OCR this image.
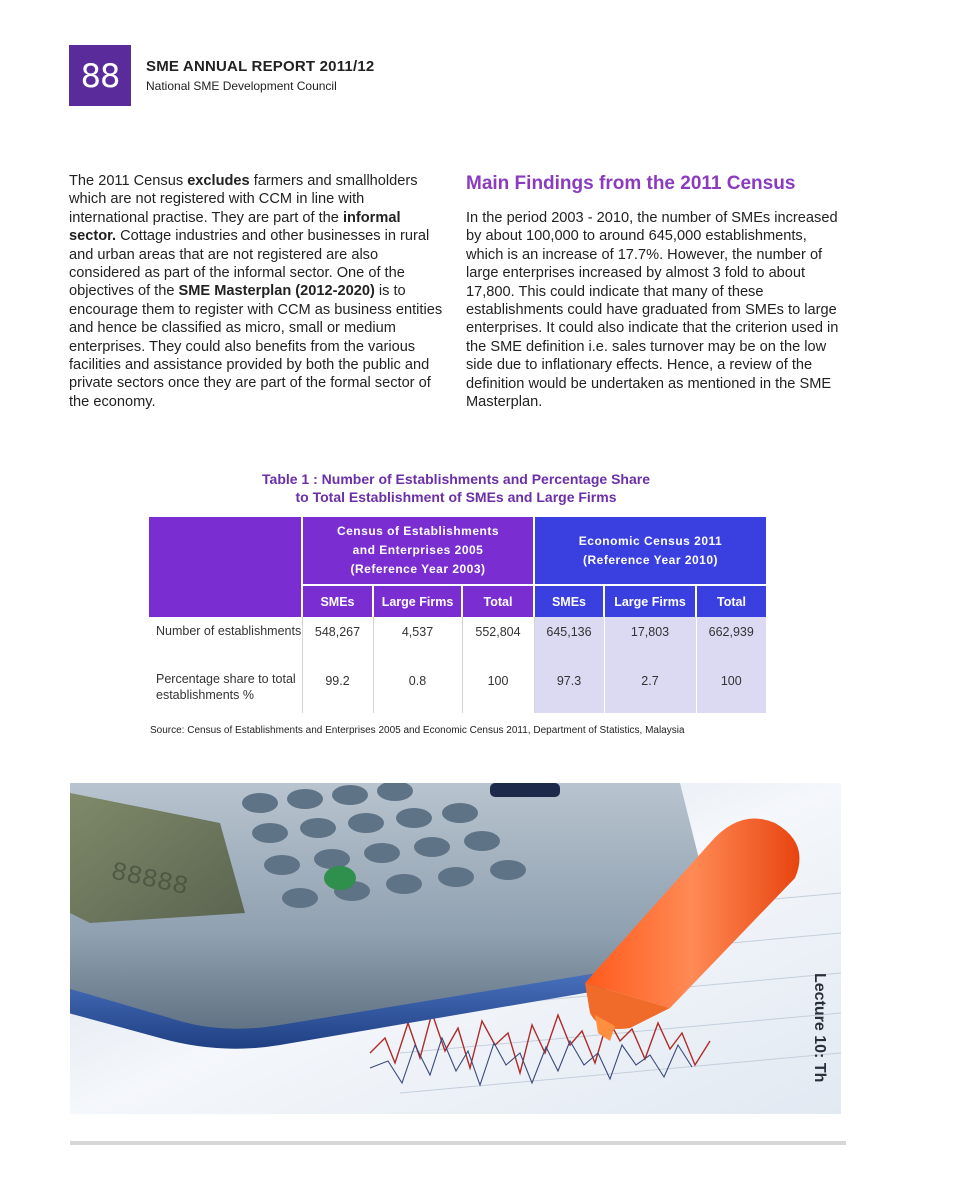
88	SME ANNUAL REPORT 2011/12
National SME Development Council

The 2011 Census excludes farmers and smallholders which are not registered with CCM in line with international practise. They are part of the informal sector. Cottage industries and other businesses in rural and urban areas that are not registered are also considered as part of the informal sector. One of the objectives of the SME Masterplan (2012-2020) is to encourage them to register with CCM as business entities and hence be classified as micro, small or medium enterprises. They could also benefits from the various facilities and assistance provided by both the public and private sectors once they are part of the formal sector of the economy.

Main Findings from the 2011 Census

In the period 2003 - 2010, the number of SMEs increased by about 100,000 to around 645,000 establishments, which is an increase of 17.7%. However, the number of large enterprises increased by almost 3 fold to about 17,800. This could indicate that many of these establishments could have graduated from SMEs to large enterprises. It could also indicate that the criterion used in the SME definition i.e. sales turnover may be on the low side due to inflationary effects. Hence, a review of the definition would be undertaken as mentioned in the SME Masterplan.

Table 1 : Number of Establishments and Percentage Share
to Total Establishment of SMEs and Large Firms

	Census of Establishments
and Enterprises 2005
(Reference Year 2003)			Economic Census 2011
(Reference Year 2010)		

	SMEs	Large Firms	Total	SMEs	Large Firms	Total
Number of establishments	548,267	4,537	552,804	645,136	17,803	662,939
Percentage share to total establishments %	99.2	0.8	100	97.3	2.7	100
Source: Census of Establishments and Enterprises 2005 and Economic Census 2011, Department of Statistics, Malaysia
Lecture 10: Th
88888
